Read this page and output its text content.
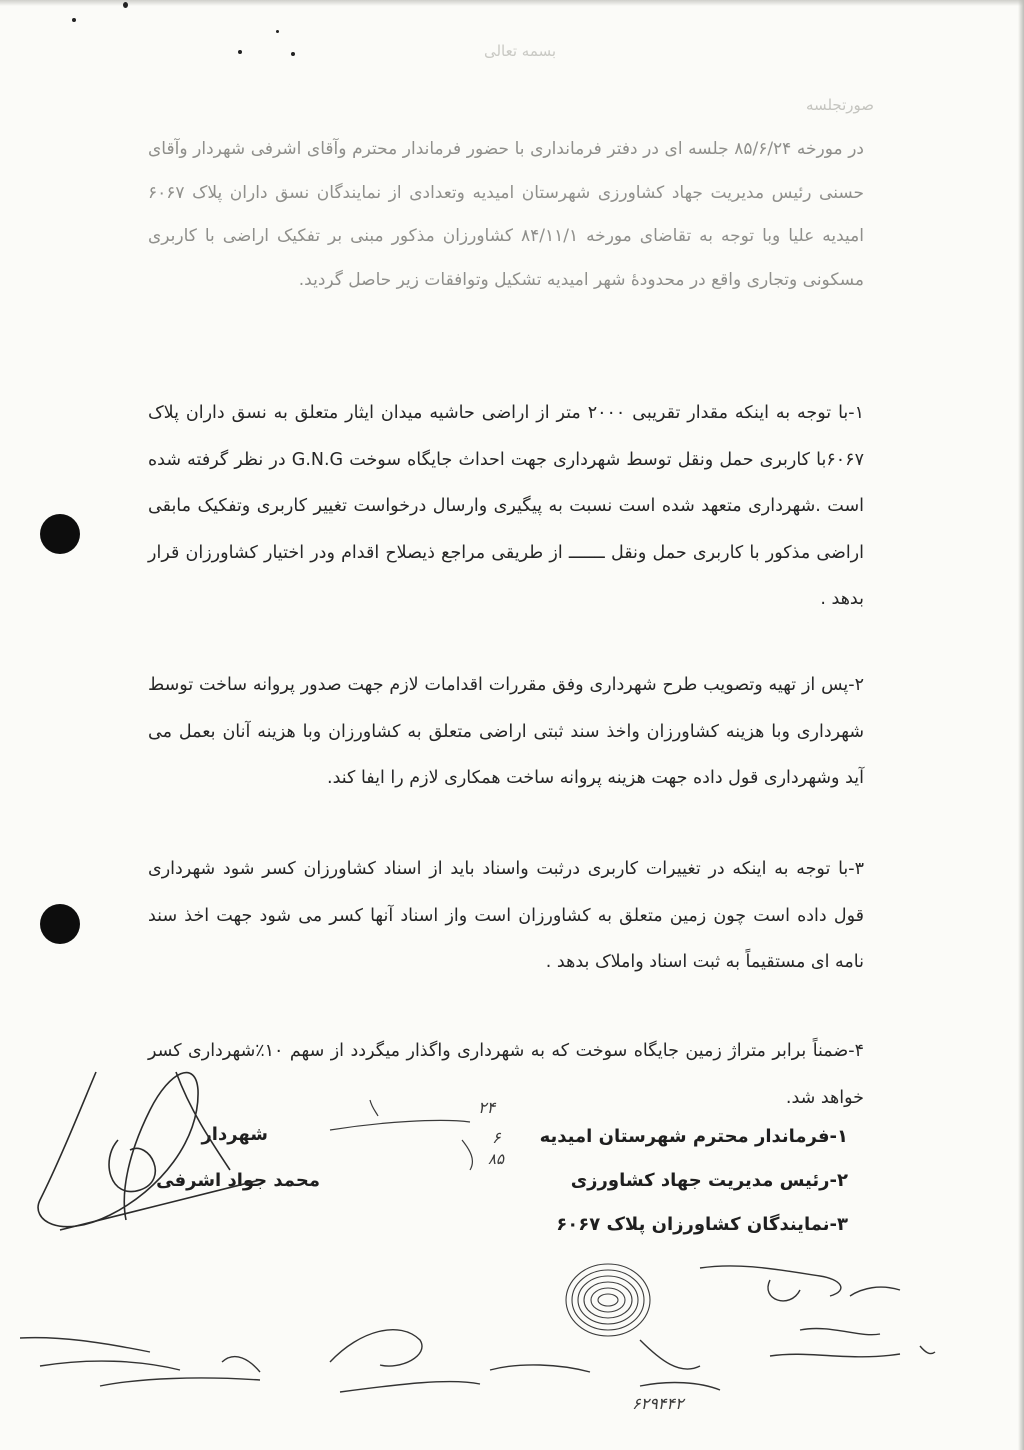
بسمه تعالی
صورتجلسه
در مورخه ۸۵/۶/۲۴ جلسه ای در دفتر فرمانداری با حضور فرماندار محترم وآقای اشرفی شهردار وآقای حسنی رئیس مدیریت جهاد کشاورزی شهرستان امیدیه وتعدادی از نمایندگان نسق داران پلاک ۶۰۶۷ امیدیه علیا وبا توجه به تقاضای مورخه ۸۴/۱۱/۱ کشاورزان مذکور مبنی بر تفکیک اراضی با کاربری مسکونی وتجاری واقع در محدودهٔ شهر امیدیه تشکیل وتوافقات زیر حاصل گردید.
۱-با توجه به اینکه مقدار تقریبی ۲۰۰۰ متر از اراضی حاشیه میدان ایثار متعلق به نسق داران پلاک ۶۰۶۷با کاربری حمل ونقل توسط شهرداری جهت احداث جایگاه سوخت G.N.G در نظر گرفته شده است .شهرداری متعهد شده است نسبت به پیگیری وارسال درخواست تغییر کاربری وتفکیک مابقی اراضی مذکور با کاربری حمل ونقل ـــــــ از طریقی مراجع ذیصلاح اقدام ودر اختیار کشاورزان قرار بدهد .
۲-پس از تهیه وتصویب طرح شهرداری وفق مقررات اقدامات لازم جهت صدور پروانه ساخت توسط شهرداری وبا هزینه کشاورزان واخذ سند ثبتی اراضی متعلق به کشاورزان وبا هزینه آنان بعمل می آید وشهرداری قول داده جهت هزینه پروانه ساخت همکاری لازم را ایفا کند.
۳-با توجه به اینکه در تغییرات کاربری درثبت واسناد باید از اسناد کشاورزان کسر شود شهرداری قول داده است چون زمین متعلق به کشاورزان است واز اسناد آنها کسر می شود جهت اخذ سند نامه ای مستقیماً به ثبت اسناد واملاک بدهد .
۴-ضمناً برابر متراژ زمین جایگاه سوخت که به شهرداری واگذار میگردد از سهم ۱۰٪شهرداری کسر خواهد شد.
شهردار
محمد جواد اشرفی
۱-فرماندار محترم شهرستان امیدیه
۲-رئیس مدیریت جهاد کشاورزی
۳-نمایندگان کشاورزان پلاک ۶۰۶۷
۲۴
۶
۸۵
۶۲۹۴۴۲
